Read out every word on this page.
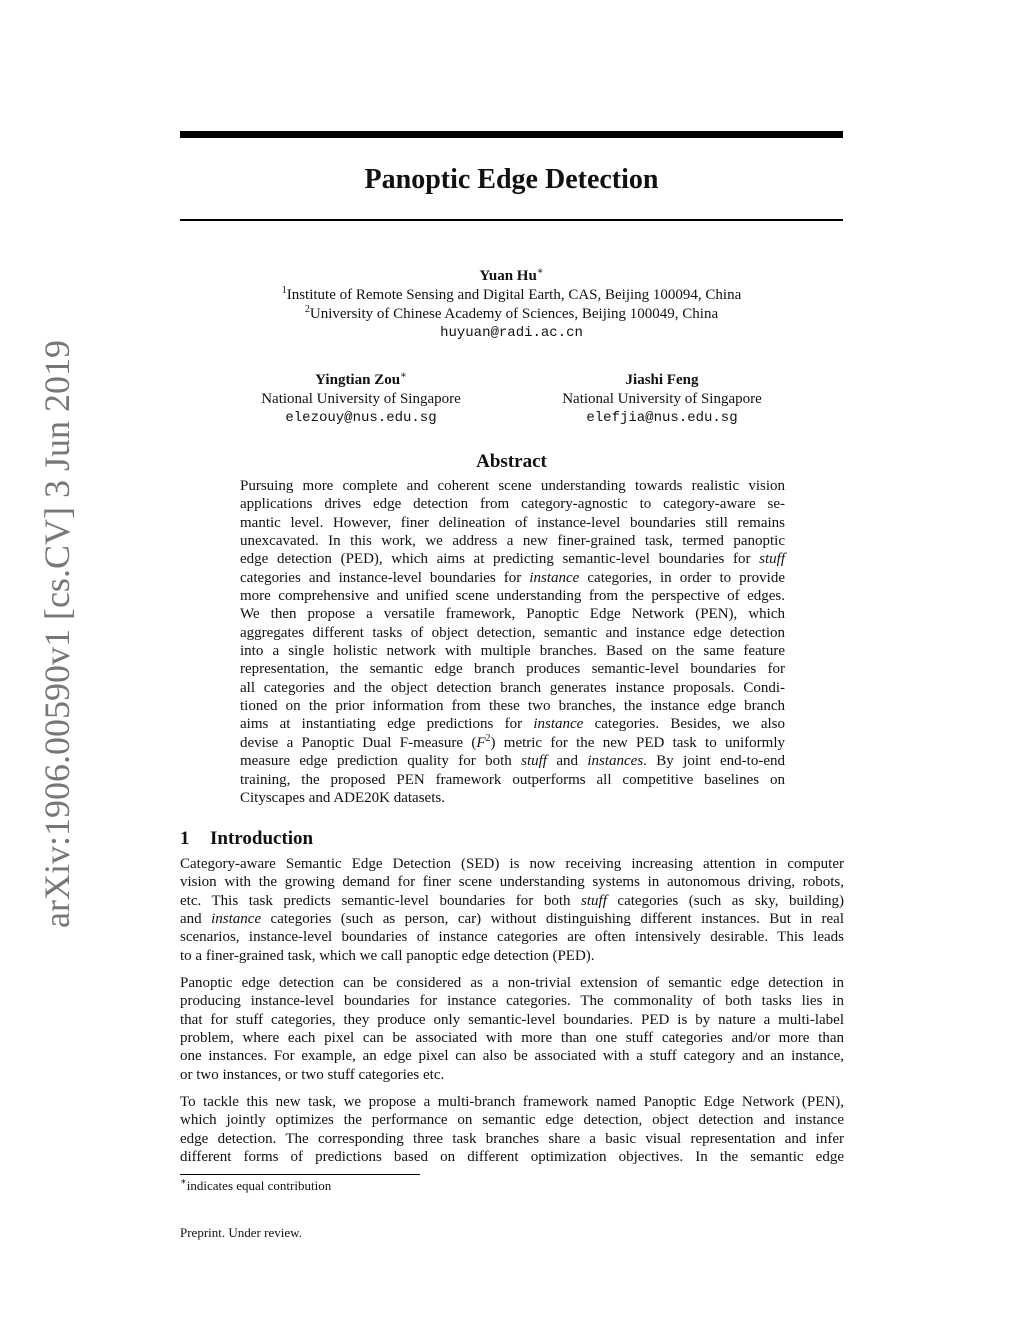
arXiv:1906.00590v1 [cs.CV] 3 Jun 2019
Panoptic Edge Detection
Yuan Hu∗
$^1$Institute of Remote Sensing and Digital Earth, CAS, Beijing 100094, China
$^2$University of Chinese Academy of Sciences, Beijing 100049, China
huyuan@radi.ac.cn
Yingtian Zou∗
National University of Singapore
elezouy@nus.edu.sg
Jiashi Feng
National University of Singapore
elefjia@nus.edu.sg
Abstract
Pursuing more complete and coherent scene understanding towards realistic vision
applications drives edge detection from category-agnostic to category-aware se-
mantic level. However, finer delineation of instance-level boundaries still remains
unexcavated. In this work, we address a new finer-grained task, termed panoptic
edge detection (PED), which aims at predicting semantic-level boundaries for stuff
categories and instance-level boundaries for instance categories, in order to provide
more comprehensive and unified scene understanding from the perspective of edges.
We then propose a versatile framework, Panoptic Edge Network (PEN), which
aggregates different tasks of object detection, semantic and instance edge detection
into a single holistic network with multiple branches. Based on the same feature
representation, the semantic edge branch produces semantic-level boundaries for
all categories and the object detection branch generates instance proposals. Condi-
tioned on the prior information from these two branches, the instance edge branch
aims at instantiating edge predictions for instance categories. Besides, we also
devise a Panoptic Dual F-measure $(F^2)$ metric for the new PED task to uniformly
measure edge prediction quality for both stuff and instances. By joint end-to-end
training, the proposed PEN framework outperforms all competitive baselines on
Cityscapes and ADE20K datasets.
1 Introduction
Category-aware Semantic Edge Detection (SED) is now receiving increasing attention in computer
vision with the growing demand for finer scene understanding systems in autonomous driving, robots,
etc. This task predicts semantic-level boundaries for both stuff categories (such as sky, building)
and instance categories (such as person, car) without distinguishing different instances. But in real
scenarios, instance-level boundaries of instance categories are often intensively desirable. This leads
to a finer-grained task, which we call panoptic edge detection (PED).
Panoptic edge detection can be considered as a non-trivial extension of semantic edge detection in
producing instance-level boundaries for instance categories. The commonality of both tasks lies in
that for stuff categories, they produce only semantic-level boundaries. PED is by nature a multi-label
problem, where each pixel can be associated with more than one stuff categories and/or more than
one instances. For example, an edge pixel can also be associated with a stuff category and an instance,
or two instances, or two stuff categories etc.
To tackle this new task, we propose a multi-branch framework named Panoptic Edge Network (PEN),
which jointly optimizes the performance on semantic edge detection, object detection and instance
edge detection. The corresponding three task branches share a basic visual representation and infer
different forms of predictions based on different optimization objectives. In the semantic edge
∗indicates equal contribution
Preprint. Under review.
